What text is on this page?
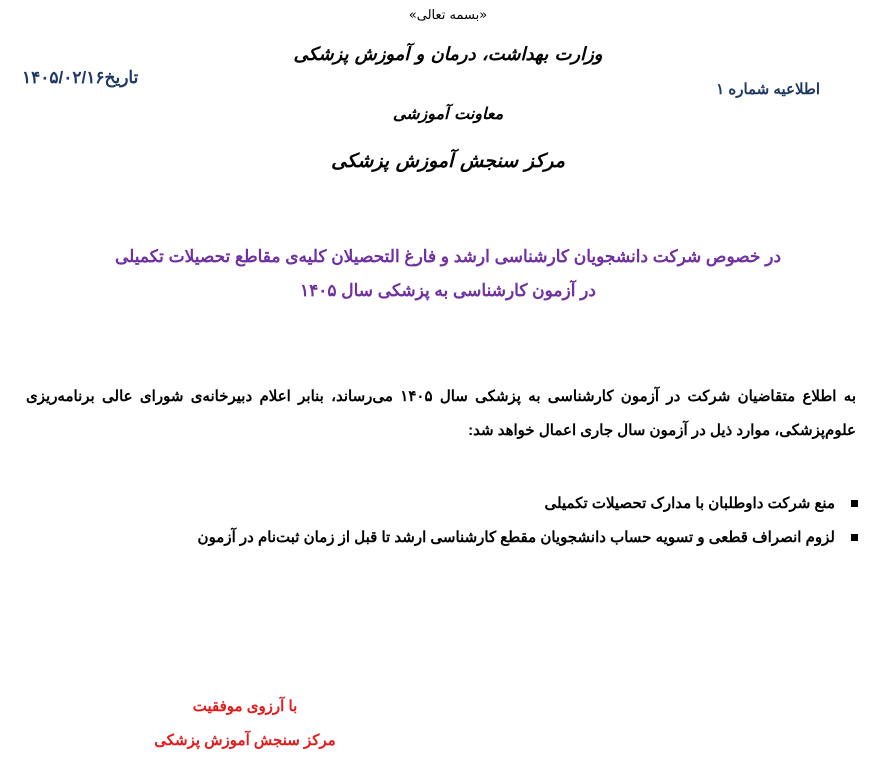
«بسمه تعالی»
وزارت بهداشت، درمان و آموزش پزشکی
معاونت آموزشی
مرکز سنجش آموزش پزشکی
اطلاعیه شماره ۱
تاریخ۱۴۰۵/۰۲/۱۶
در خصوص شرکت دانشجویان کارشناسی ارشد و فارغ التحصیلان کلیه‌ی مقاطع تحصیلات تکمیلی
در آزمون کارشناسی به پزشکی سال ۱۴۰۵
به اطلاع متقاضیان شرکت در آزمون کارشناسی به پزشکی سال ۱۴۰۵ می‌رساند، بنابر اعلام دبیرخانه‌ی شورای عالی برنامه‌ریزی علوم‌پزشکی، موارد ذیل در آزمون سال جاری اعمال خواهد شد:
منع شرکت داوطلبان با مدارک تحصیلات تکمیلی
لزوم انصراف قطعی و تسویه حساب دانشجویان مقطع کارشناسی ارشد تا قبل از زمان ثبت‌نام در آزمون
با آرزوی موفقیت
مرکز سنجش آموزش پزشکی
